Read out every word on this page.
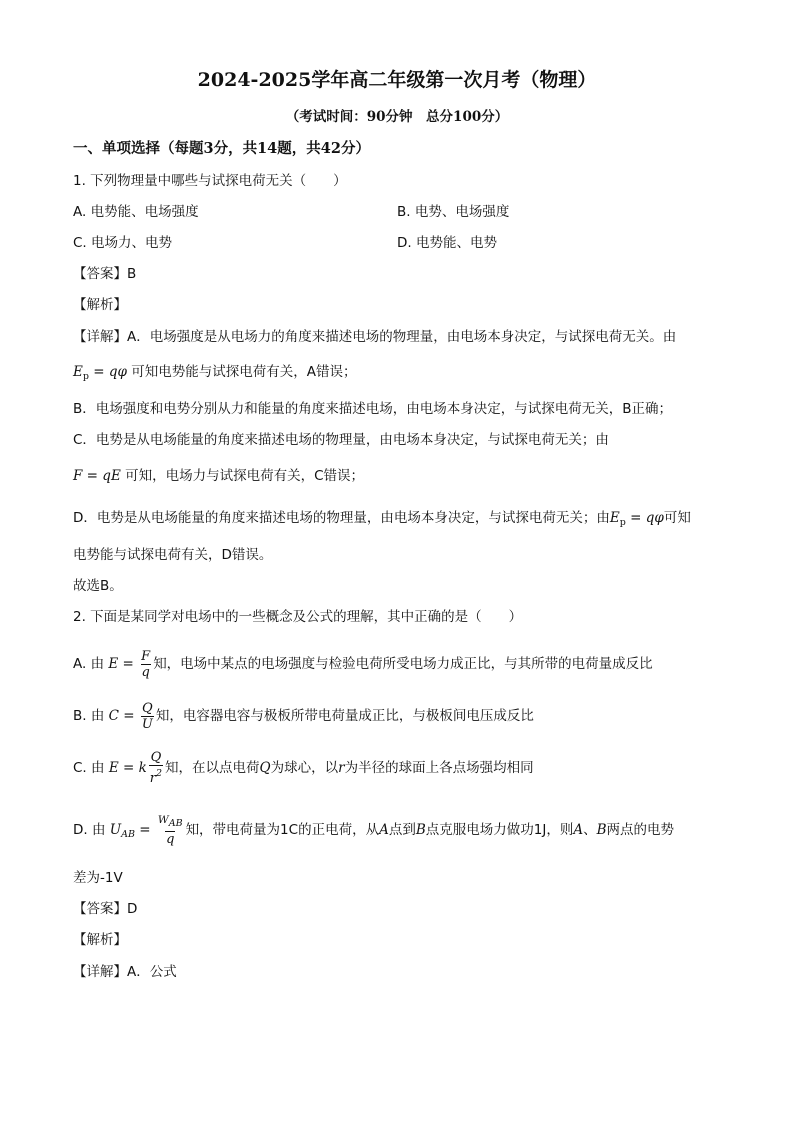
2024-2025学年高二年级第一次月考（物理）
（考试时间：90分钟　总分100分）
一、单项选择（每题3分，共14题，共42分）
1. 下列物理量中哪些与试探电荷无关（　　）
A. 电势能、电场强度	B. 电势、电场强度
C. 电场力、电势	D. 电势能、电势
【答案】B
【解析】
【详解】A．电场强度是从电场力的角度来描述电场的物理量，由电场本身决定，与试探电荷无关。由
$E_p = q\varphi$ 可知电势能与试探电荷有关，A错误；
B．电场强度和电势分别从力和能量的角度来描述电场，由电场本身决定，与试探电荷无关，B正确；
C．电势是从电场能量的角度来描述电场的物理量，由电场本身决定，与试探电荷无关；由
F = qE 可知，电场力与试探电荷有关，C错误；
D．电势是从电场能量的角度来描述电场的物理量，由电场本身决定，与试探电荷无关；由$E_p = q\varphi$可知
电势能与试探电荷有关，D错误。
故选B。
2. 下面是某同学对电场中的一些概念及公式的理解，其中正确的是（　　）
A. 由 $E = \frac{F}{q}$ 知，电场中某点的电场强度与检验电荷所受电场力成正比，与其所带的电荷量成反比
B. 由 $C = \frac{Q}{U}$ 知，电容器电容与极板所带电荷量成正比，与极板间电压成反比
C. 由 E = k $\frac{Q}{r^2}$ 知，在以点电荷Q为球心，以r为半径的球面上各点场强均相同
D. 由 $U_{AB} = \frac{W_{AB}}{q}$ 知，带电荷量为1C的正电荷，从A点到B点克服电场力做功1J，则A、B两点的电势
差为-1V
【答案】D
【解析】
【详解】A．公式
